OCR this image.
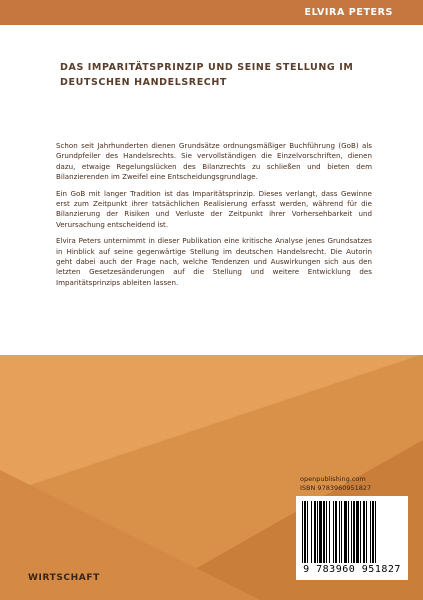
ELVIRA PETERS
DAS IMPARITÄTSPRINZIP UND SEINE STELLUNG IM
DEUTSCHEN HANDELSRECHT

Schon seit Jahrhunderten dienen Grundsätze ordnungsmäßiger Buchführung (GoB) als Grundpfeiler des Handelsrechts. Sie vervollständigen die Einzelvorschriften, dienen dazu, etwaige Regelungslücken des Bilanzrechts zu schließen und bieten dem Bilanzierenden im Zweifel eine Entscheidungsgrundlage.

Ein GoB mit langer Tradition ist das Imparitätsprinzip. Dieses verlangt, dass Gewinne erst zum Zeitpunkt ihrer tatsächlichen Realisierung erfasst werden, während für die Bilanzierung der Risiken und Verluste der Zeitpunkt ihrer Vorhersehbarkeit und Verursachung entscheidend ist.

Elvira Peters unternimmt in dieser Publikation eine kritische Analyse jenes Grundsatzes in Hinblick auf seine gegenwärtige Stellung im deutschen Handelsrecht. Die Autorin geht dabei auch der Frage nach, welche Tendenzen und Auswirkungen sich aus den letzten Gesetzesänderungen auf die Stellung und weitere Entwicklung des Imparitätsprinzips ableiten lassen.

openpublishing.com
ISBN 9783960951827
9 783960 951827
WIRTSCHAFT
